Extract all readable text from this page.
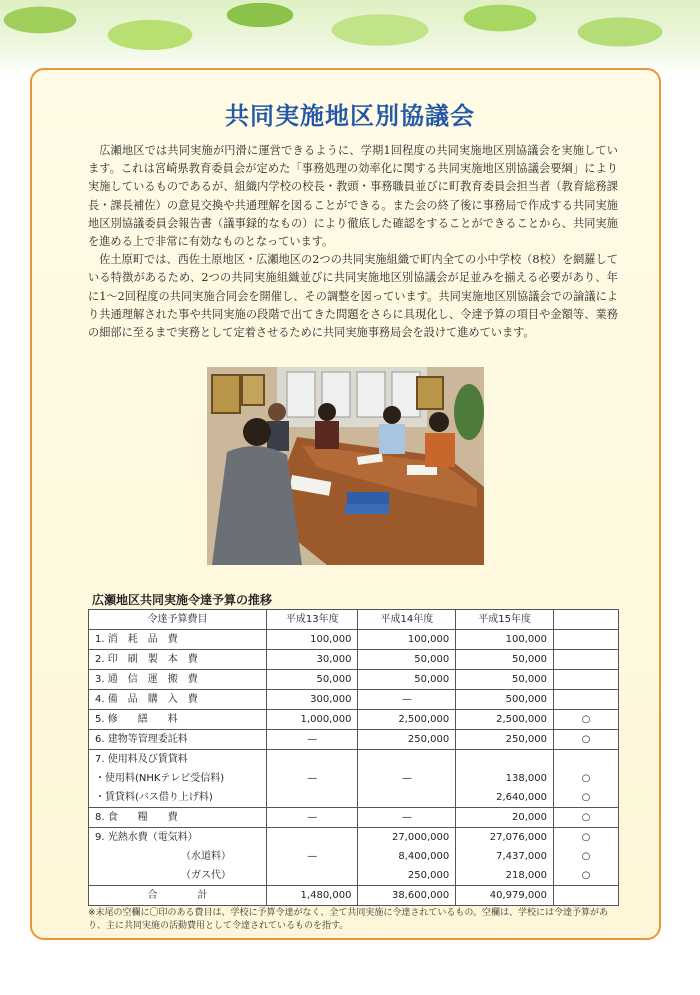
共同実施地区別協議会

広瀬地区では共同実施が円滑に運営できるように、学期1回程度の共同実施地区別協議会を実施しています。これは宮崎県教育委員会が定めた「事務処理の効率化に関する共同実施地区別協議会要綱」により実施しているものであるが、組織内学校の校長・教頭・事務職員並びに町教育委員会担当者（教育総務課長・課長補佐）の意見交換や共通理解を図ることができる。また会の終了後に事務局で作成する共同実施地区別協議委員会報告書（議事録的なもの）により徹底した確認をすることができることから、共同実施を進める上で非常に有効なものとなっています。

佐土原町では、西佐土原地区・広瀬地区の2つの共同実施組織で町内全ての小中学校（8校）を網羅している特徴があるため、2つの共同実施組織並びに共同実施地区別協議会が足並みを揃える必要があり、年に1〜2回程度の共同実施合同会を開催し、その調整を図っています。共同実施地区別協議会での論議により共通理解された事や共同実施の段階で出てきた問題をさらに具現化し、令達予算の項目や金額等、業務の細部に至るまで実務として定着させるために共同実施事務局会を設けて進めています。

広瀬地区共同実施令達予算の推移
令達予算費目	平成13年度	平成14年度	平成15年度	
1. 消　耗　品　費	100,000	100,000	100,000	
2. 印　刷　製　本　費	30,000	50,000	50,000	
3. 通　信　運　搬　費	50,000	50,000	50,000	
4. 備　品　購　入　費	300,000	—	500,000	
5. 修　　繕　　料	1,000,000	2,500,000	2,500,000	○
6. 建物等管理委託料	—	250,000	250,000	○
7. 使用料及び賃貸料				
・使用料(NHKテレビ受信料)	—	—	138,000	○
・賃貸料(バス借り上げ料)			2,640,000	○
8. 食　　糧　　費	—	—	20,000	○
9. 光熱水費（電気料）		27,000,000	27,076,000	○
（水道料）	—	8,400,000	7,437,000	○
（ガス代）		250,000	218,000	○
合　　　　計	1,480,000	38,600,000	40,979,000	
※末尾の空欄に〇印のある費目は、学校に予算令達がなく、全て共同実施に令達されているもの。空欄は、学校には令達予算があり、主に共同実施の活動費用として令達されているものを指す。
